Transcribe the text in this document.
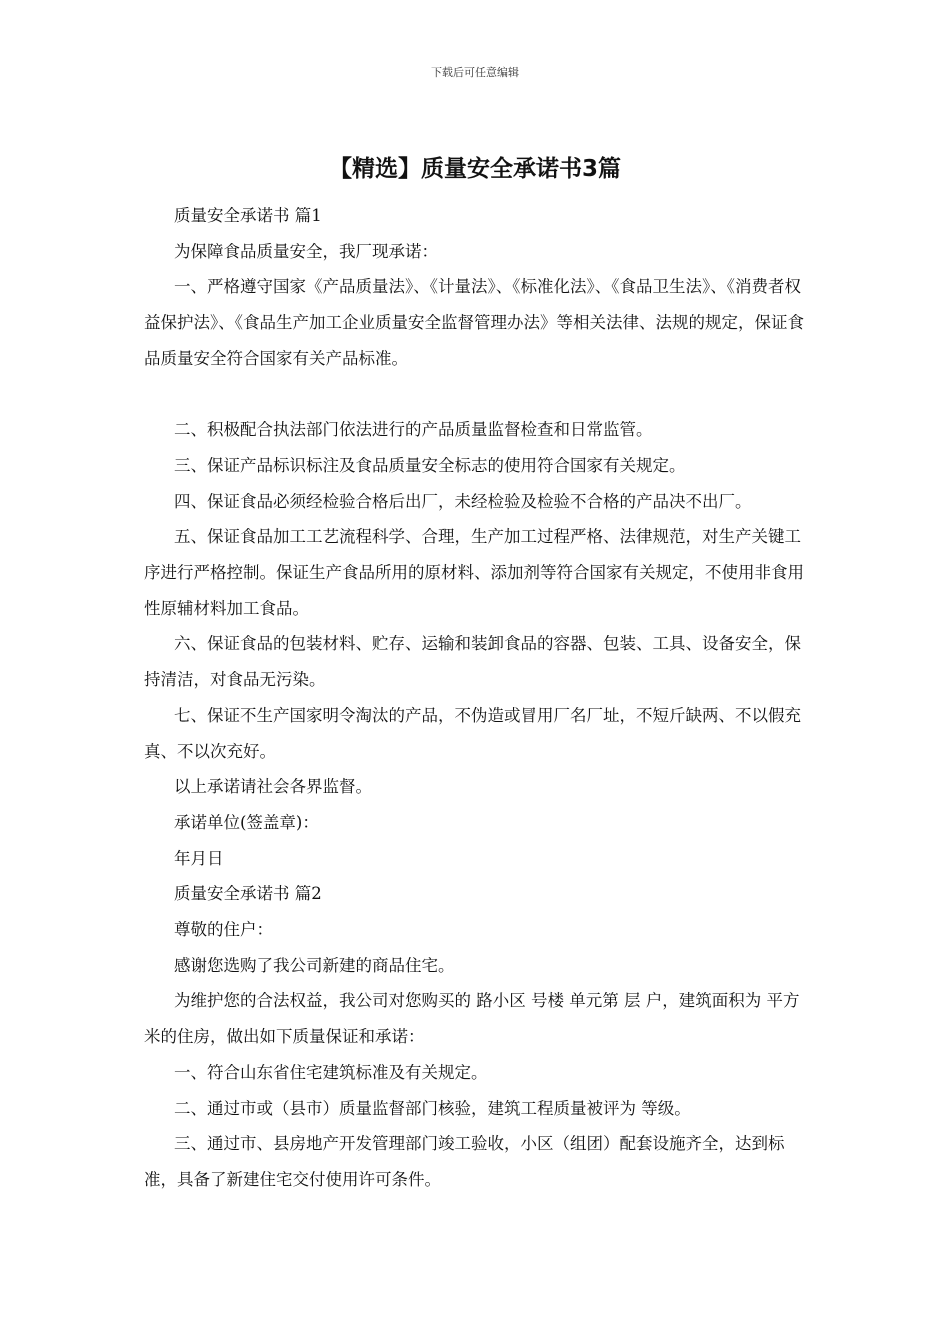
下载后可任意编辑
【精选】质量安全承诺书3篇

质量安全承诺书 篇1

为保障食品质量安全，我厂现承诺：

一、严格遵守国家《产品质量法》、《计量法》、《标准化法》、《食品卫生法》、《消费者权益保护法》、《食品生产加工企业质量安全监督管理办法》等相关法律、法规的规定，保证食品质量安全符合国家有关产品标准。

二、积极配合执法部门依法进行的产品质量监督检查和日常监管。

三、保证产品标识标注及食品质量安全标志的使用符合国家有关规定。

四、保证食品必须经检验合格后出厂，未经检验及检验不合格的产品决不出厂。

五、保证食品加工工艺流程科学、合理，生产加工过程严格、法律规范，对生产关键工序进行严格控制。保证生产食品所用的原材料、添加剂等符合国家有关规定，不使用非食用性原辅材料加工食品。

六、保证食品的包装材料、贮存、运输和装卸食品的容器、包装、工具、设备安全，保持清洁，对食品无污染。

七、保证不生产国家明令淘汰的产品，不伪造或冒用厂名厂址，不短斤缺两、不以假充真、不以次充好。

以上承诺请社会各界监督。

承诺单位(签盖章)：

年月日

质量安全承诺书 篇2

尊敬的住户：

感谢您选购了我公司新建的商品住宅。

为维护您的合法权益，我公司对您购买的 路小区 号楼 单元第 层 户，建筑面积为 平方米的住房，做出如下质量保证和承诺：

一、符合山东省住宅建筑标准及有关规定。

二、通过市或（县市）质量监督部门核验，建筑工程质量被评为 等级。

三、通过市、县房地产开发管理部门竣工验收，小区（组团）配套设施齐全，达到标准，具备了新建住宅交付使用许可条件。
